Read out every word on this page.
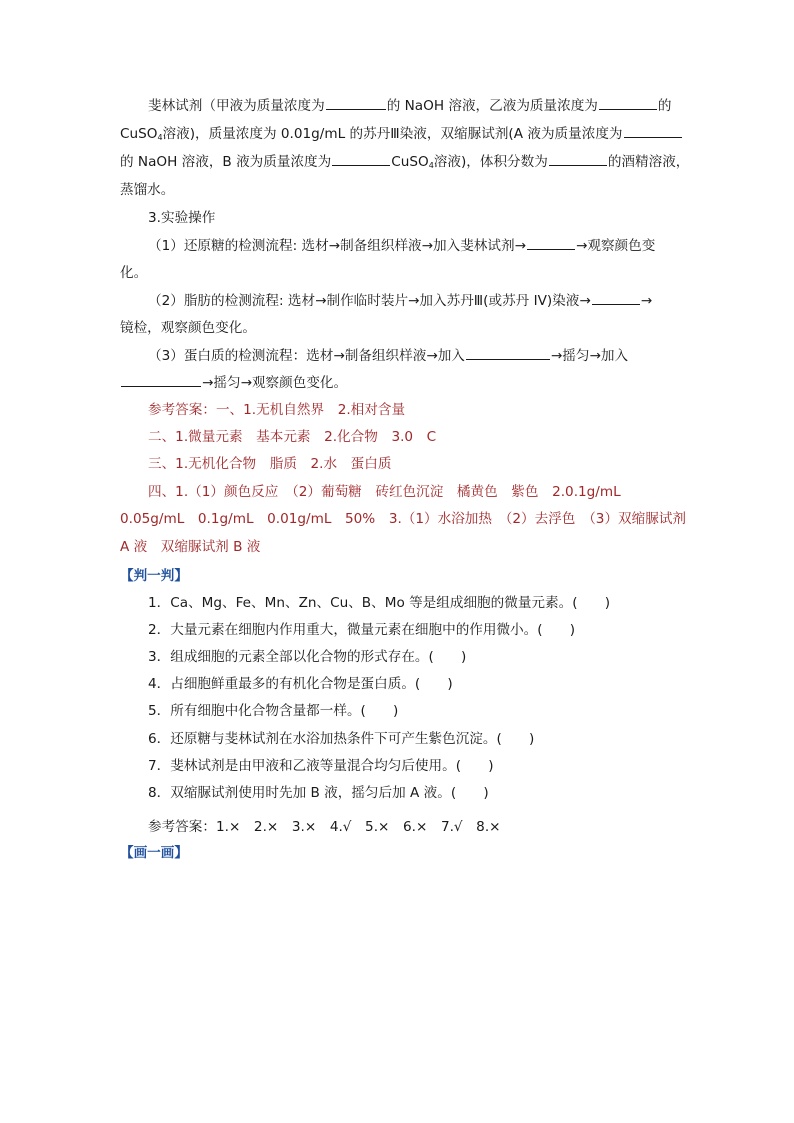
斐林试剂（甲液为质量浓度为	的 NaOH 溶液，乙液为质量浓度为	的
CuSO$_4$溶液)，质量浓度为 0.01g/mL 的苏丹Ⅲ染液，双缩脲试剂(A 液为质量浓度为
的 NaOH 溶液，B 液为质量浓度为	CuSO$_4$溶液)，体积分数为	的酒精溶液，
蒸馏水。
3.实验操作
（1）还原糖的检测流程: 选材→制备组织样液→加入斐林试剂→	→观察颜色变
化。
（2）脂肪的检测流程: 选材→制作临时装片→加入苏丹Ⅲ(或苏丹 IV)染液→	→
镜检，观察颜色变化。
（3）蛋白质的检测流程：选材→制备组织样液→加入	→摇匀→加入
→摇匀→观察颜色变化。
参考答案：一、1.无机自然界　2.相对含量
二、1.微量元素　基本元素　2.化合物　3.0　C
三、1.无机化合物　脂质　2.水　蛋白质
四、1.（1）颜色反应　（2）葡萄糖　砖红色沉淀　橘黄色　紫色　2.0.1g/mL
0.05g/mL　0.1g/mL　0.01g/mL　50%　3.（1）水浴加热　（2）去浮色　（3）双缩脲试剂
A 液　双缩脲试剂 B 液
【判一判】
1．Ca、Mg、Fe、Mn、Zn、Cu、B、Mo 等是组成细胞的微量元素。(　　)
2．大量元素在细胞内作用重大，微量元素在细胞中的作用微小。(　　)
3．组成细胞的元素全部以化合物的形式存在。(　　)
4．占细胞鲜重最多的有机化合物是蛋白质。(　　)
5．所有细胞中化合物含量都一样。(　　)
6．还原糖与斐林试剂在水浴加热条件下可产生紫色沉淀。(　　)
7．斐林试剂是由甲液和乙液等量混合均匀后使用。(　　)
8．双缩脲试剂使用时先加 B 液，摇匀后加 A 液。(　　)
参考答案：1.×　2.×　3.×　4.√　5.×　6.×　7.√　8.×
【画一画】
